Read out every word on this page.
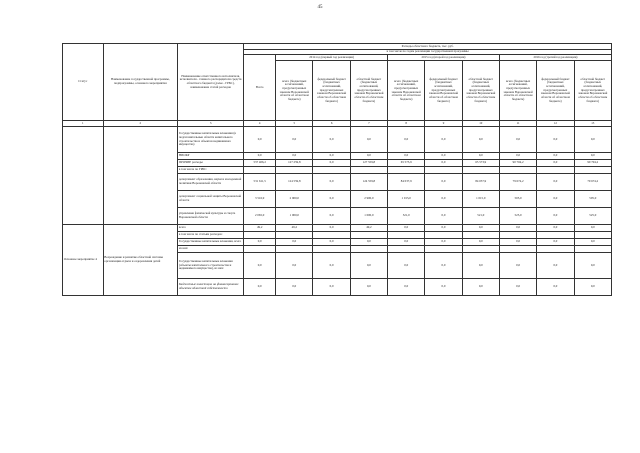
45
Статус	Наименование государственной программы, подпрограммы, основного мероприятия	Наименование ответственного исполнителя, исполнителя - главного распорядителя средств областного бюджета (далее - ГРБС), наименование статей расходов	Расходы областного бюджета, тыс. руб.									
			в том числе по годам реализации государственной программы									
			Всего	2014 год (первый год реализации)			2015 год (второй год реализации)			2016 год (третий год реализации)		
				всего (бюджетных ассигнований, предусмотренных законом Воронежской области об областном бюджете)	федеральный бюджет (бюджетных ассигнований, предусмотренных законом Воронежской области об областном бюджете)	областной бюджет (бюджетных ассигнований, предусмотренных законом Воронежской области об областном бюджете)	всего (бюджетных ассигнований, предусмотренных законом Воронежской области об областном бюджете)	федеральный бюджет (бюджетных ассигнований, предусмотренных законом Воронежской области об областном бюджете)	областной бюджет (бюджетных ассигнований, предусмотренных законом Воронежской области об областном бюджете)	всего (бюджетных ассигнований, предусмотренных законом Воронежской области об областном бюджете)	федеральный бюджет (бюджетных ассигнований, предусмотренных законом Воронежской области об областном бюджете)	областной бюджет (бюджетных ассигнований, предусмотренных законом Воронежской области об областном бюджете)
1	2	3	4	5	6	7	8	9	10	11	12	13
		Государственные капитальные вложения (в подготовительные области капитального строительства и объектов недвижимого имущества)	0,0	0,0	0,0	0,0	0,0	0,0	0,0	0,0	0,0	0,0
		НИОКР	0,0	0,0	0,0	0,0	0,0	0,0	0,0	0,0	0,0	0,0
		ПРОЧИЕ расходы	537 406,2	127 259,8	0,0	127 559,8	65 573,9	0,0	65 573,9	90 704,2	0,0	90 704,2
		в том числе по ГРБС:										
		департамент образования, науки и молодежной политики Воронежской области	531 611,5	124 559,8	0,0	124 559,8	84 037,9	0,0	84 037,9	79 674,2	0,0	79 674,2
		департамент социальной защиты Воронежской области	3 516,9	2 900,0	0,0	2 900,0	1 015,0	0,0	1 015,0	505,0	0,0	505,0
		управление физической культуры и спорта Воронежской области	2 065,0	1 000,0	0,0	1 000,0	521,0	0,0	521,0	525,0	0,0	525,0
Основное мероприятие 4	Возрождение и развитие областной системы организации отдыха и оздоровления детей	всего	49,2	49,2	0,0	49,2	0,0	0,0	0,0	0,0	0,0	0,0
		в том числе по статьям расходов:										
		Государственные капитальные вложения, всего	0,0	0,0	0,0	0,0	0,0	0,0	0,0	0,0	0,0	0,0
		из них:										
		Государственные капитальные вложения (объекты капитального строительства и недвижимого имущества), из них:	0,0	0,0	0,0	0,0	0,0	0,0	0,0	0,0	0,0	0,0
		Бюджетные инвестиции на финансирование объектов областной собственности	0,0	0,0	0,0	0,0	0,0	0,0	0,0	0,0	0,0	0,0
